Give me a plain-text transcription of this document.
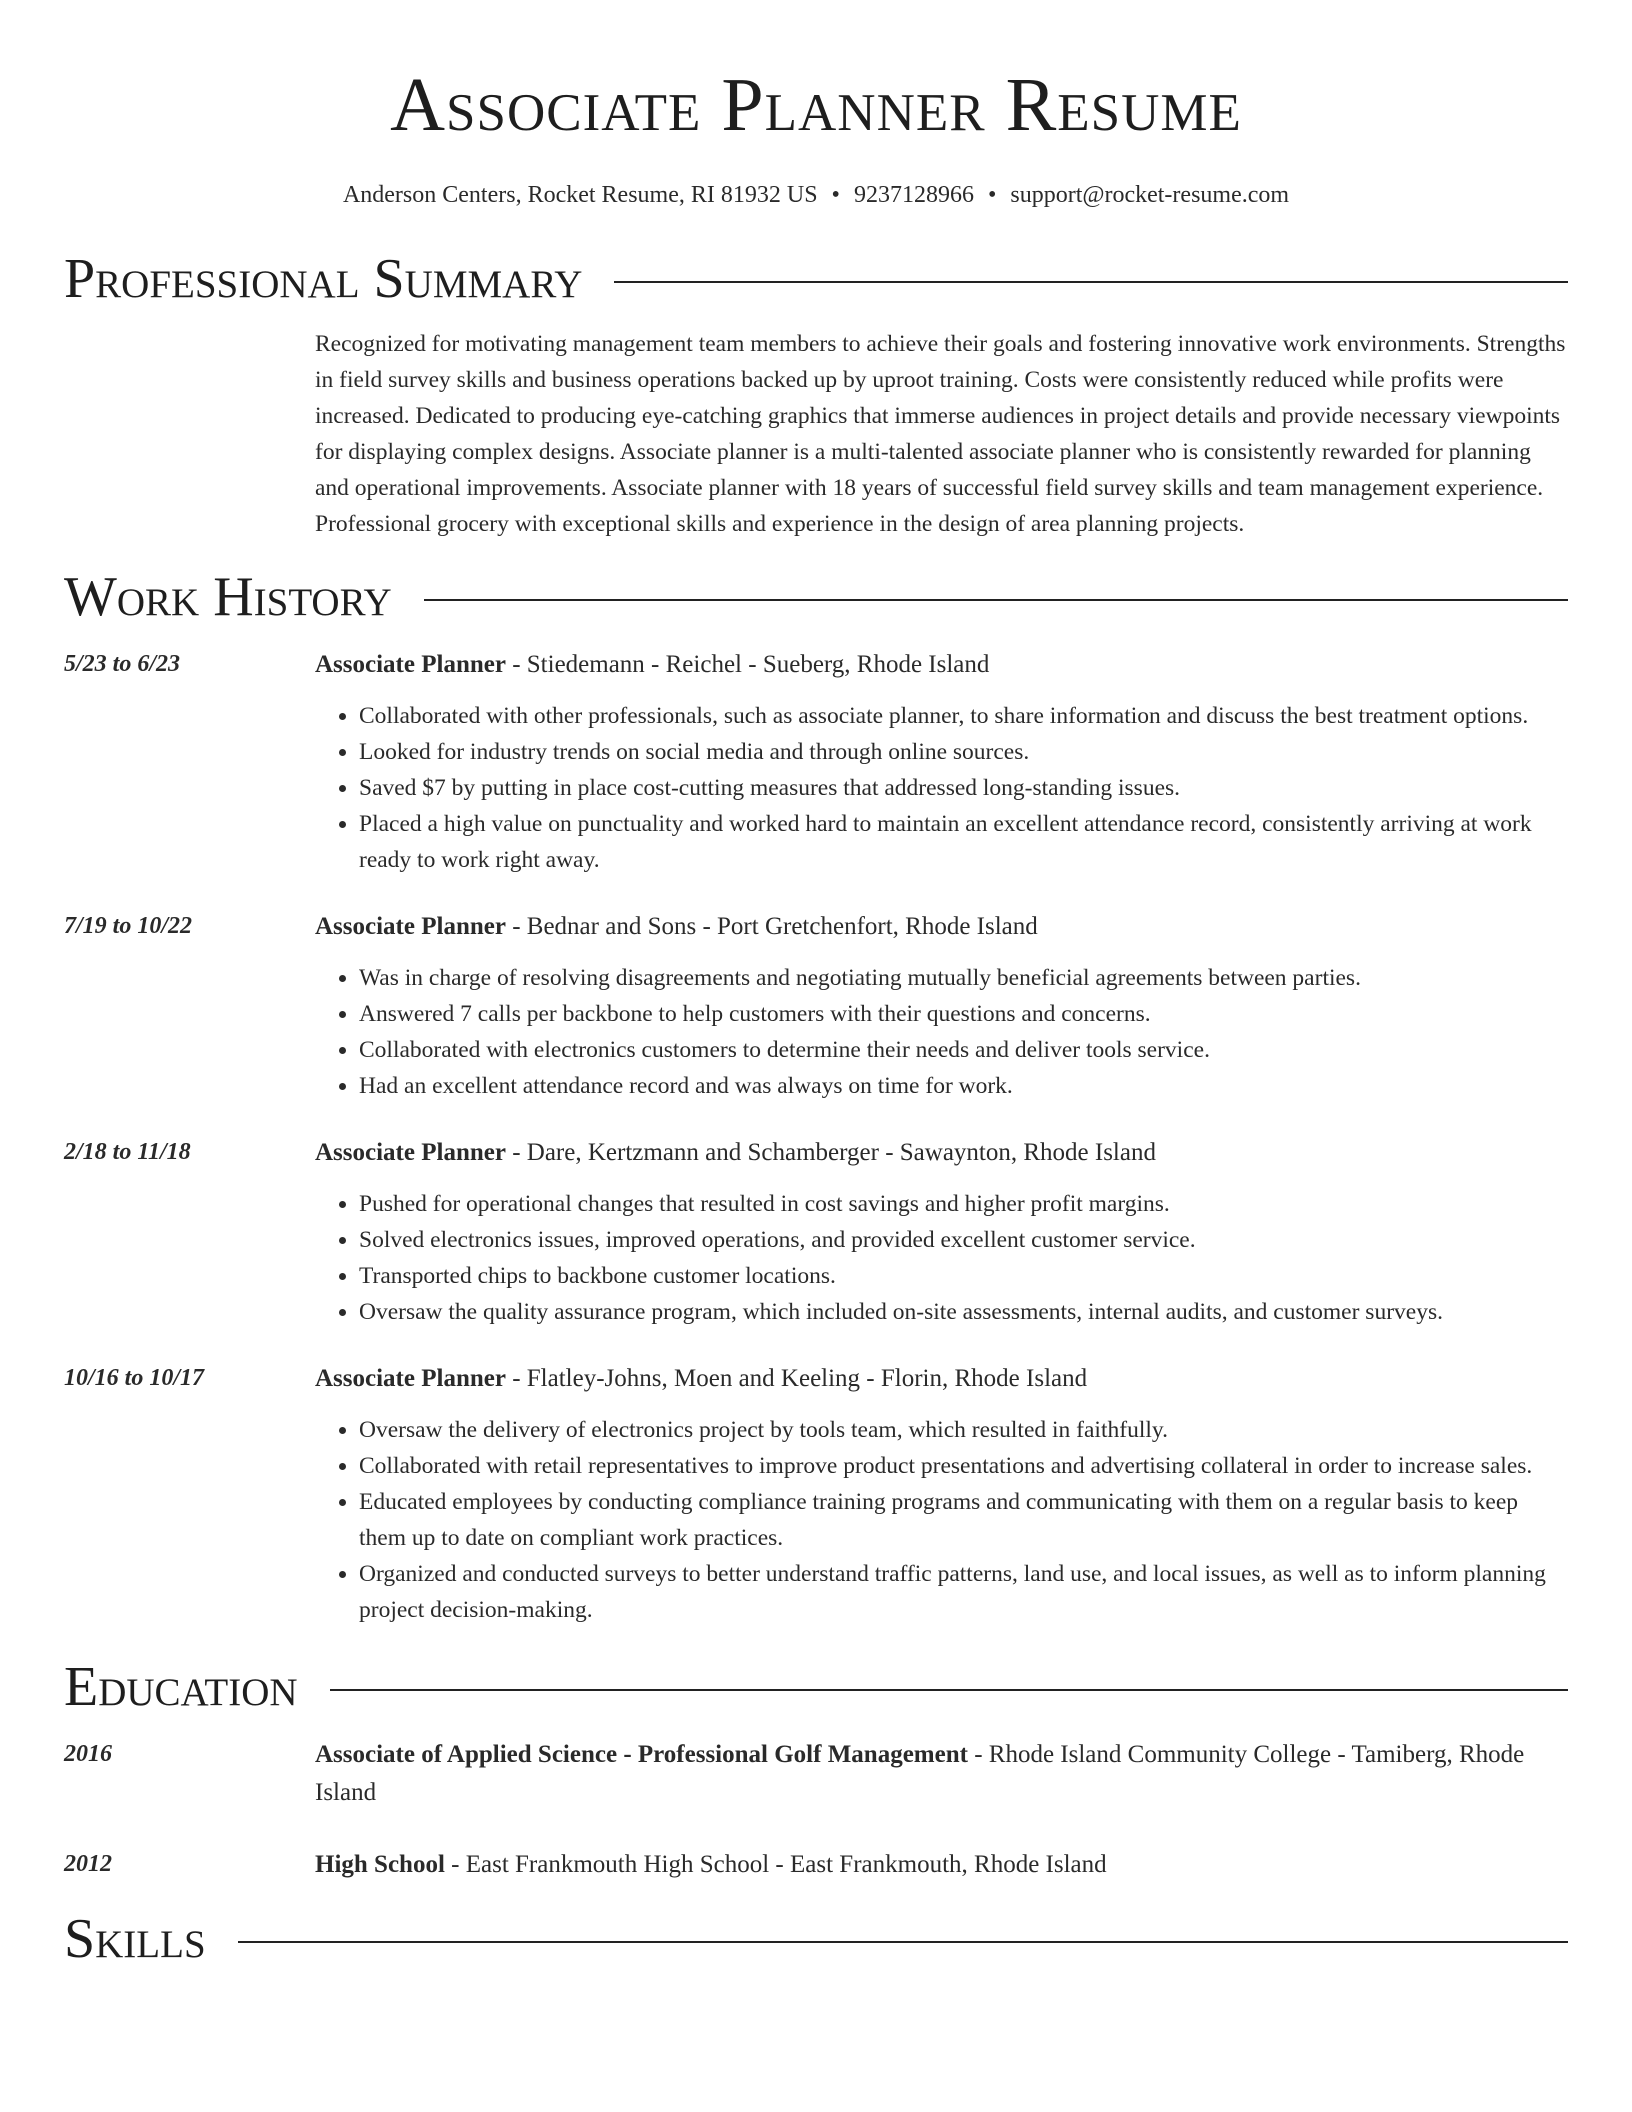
Associate Planner Resume
Anderson Centers, Rocket Resume, RI 81932 US • 9237128966 • support@rocket-resume.com
Professional Summary
Recognized for motivating management team members to achieve their goals and fostering innovative work environments. Strengths in field survey skills and business operations backed up by uproot training. Costs were consistently reduced while profits were increased. Dedicated to producing eye-catching graphics that immerse audiences in project details and provide necessary viewpoints for displaying complex designs. Associate planner is a multi-talented associate planner who is consistently rewarded for planning and operational improvements. Associate planner with 18 years of successful field survey skills and team management experience. Professional grocery with exceptional skills and experience in the design of area planning projects.
Work History
5/23 to 6/23	Associate Planner - Stiedemann - Reichel - Sueberg, Rhode Island
• Collaborated with other professionals, such as associate planner, to share information and discuss the best treatment options.
• Looked for industry trends on social media and through online sources.
• Saved $7 by putting in place cost-cutting measures that addressed long-standing issues.
• Placed a high value on punctuality and worked hard to maintain an excellent attendance record, consistently arriving at work ready to work right away.
7/19 to 10/22	Associate Planner - Bednar and Sons - Port Gretchenfort, Rhode Island
• Was in charge of resolving disagreements and negotiating mutually beneficial agreements between parties.
• Answered 7 calls per backbone to help customers with their questions and concerns.
• Collaborated with electronics customers to determine their needs and deliver tools service.
• Had an excellent attendance record and was always on time for work.
2/18 to 11/18	Associate Planner - Dare, Kertzmann and Schamberger - Sawaynton, Rhode Island
• Pushed for operational changes that resulted in cost savings and higher profit margins.
• Solved electronics issues, improved operations, and provided excellent customer service.
• Transported chips to backbone customer locations.
• Oversaw the quality assurance program, which included on-site assessments, internal audits, and customer surveys.
10/16 to 10/17	Associate Planner - Flatley-Johns, Moen and Keeling - Florin, Rhode Island
• Oversaw the delivery of electronics project by tools team, which resulted in faithfully.
• Collaborated with retail representatives to improve product presentations and advertising collateral in order to increase sales.
• Educated employees by conducting compliance training programs and communicating with them on a regular basis to keep them up to date on compliant work practices.
• Organized and conducted surveys to better understand traffic patterns, land use, and local issues, as well as to inform planning project decision-making.
Education
2016	Associate of Applied Science - Professional Golf Management - Rhode Island Community College - Tamiberg, Rhode Island
2012	High School - East Frankmouth High School - East Frankmouth, Rhode Island
Skills
